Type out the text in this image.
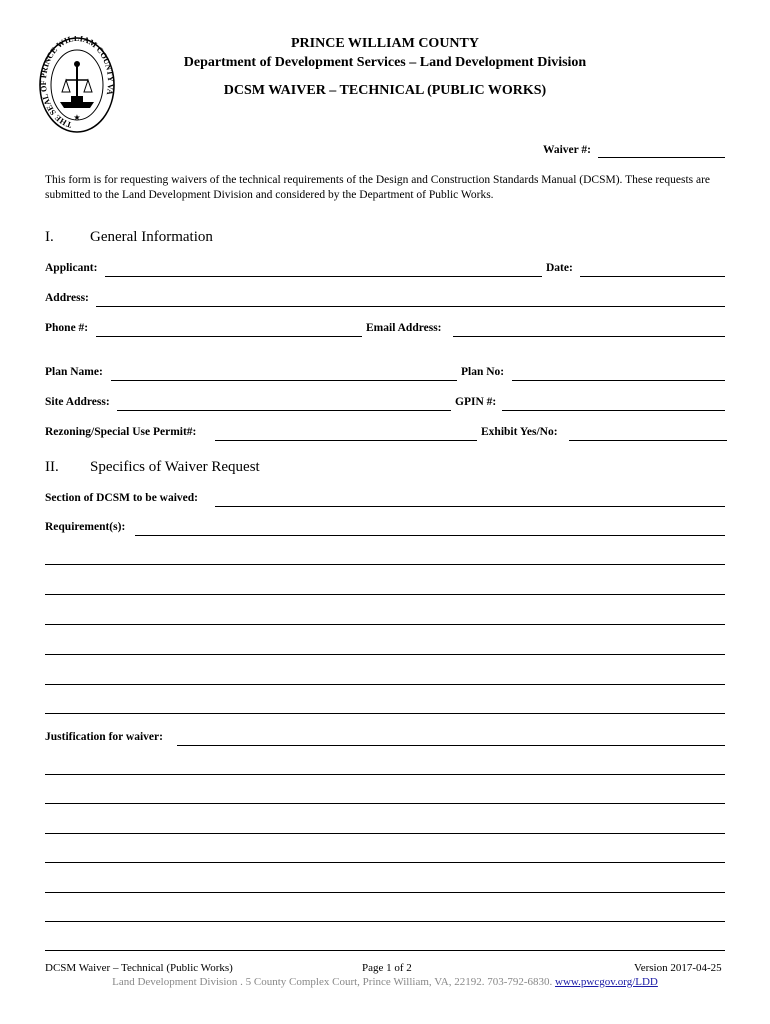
THE SEAL OF PRINCE WILLIAM COUNTY VA
★
PRINCE WILLIAM COUNTY
Department of Development Services – Land Development Division
DCSM WAIVER – TECHNICAL (PUBLIC WORKS)
Waiver #:
This form is for requesting waivers of the technical requirements of the Design and Construction Standards Manual (DCSM). These requests are submitted to the Land Development Division and considered by the Department of Public Works.
I. General Information
Applicant:	Date:
Address:
Phone #:	Email Address:
Plan Name:	Plan No:
Site Address:	GPIN #:
Rezoning/Special Use Permit#:	Exhibit Yes/No:
II. Specifics of Waiver Request
Section of DCSM to be waived:
Requirement(s):
Justification for waiver:
DCSM Waiver – Technical (Public Works)	Page 1 of 2	Version 2017-04-25
Land Development Division . 5 County Complex Court, Prince William, VA, 22192. 703-792-6830. www.pwcgov.org/LDD
